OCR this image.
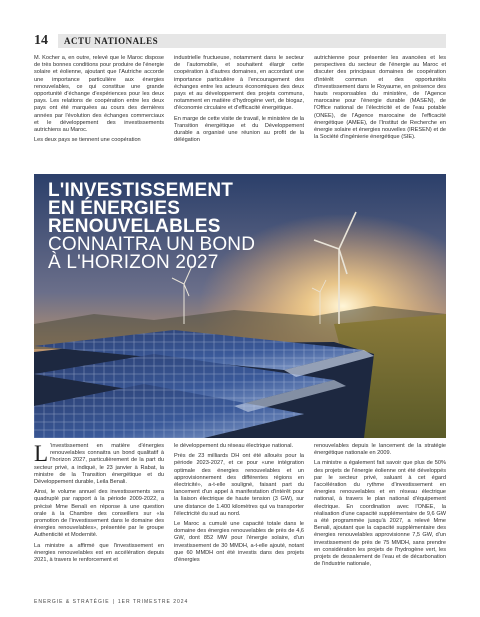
14	ACTU NATIONALES

M. Kocher a, en outre, relevé que le Maroc dispose de très bonnes conditions pour produire de l'énergie solaire et éolienne, ajoutant que l'Autriche accorde une importance particulière aux énergies renouvelables, ce qui constitue une grande opportunité d'échange d'expériences pour les deux pays. Les relations de coopération entre les deux pays ont été marquées au cours des dernières années par l'évolution des échanges commerciaux et le développement des investissements autrichiens au Maroc.

Les deux pays se tiennent une coopération

industrielle fructueuse, notamment dans le secteur de l'automobile, et souhaitent élargir cette coopération à d'autres domaines, en accordant une importance particulière à l'encouragement des échanges entre les acteurs économiques des deux pays et au développement des projets communs, notamment en matière d'hydrogène vert, de biogaz, d'économie circulaire et d'efficacité énergétique.

En marge de cette visite de travail, le ministère de la Transition énergétique et du Développement durable a organisé une réunion au profit de la délégation

autrichienne pour présenter les avancées et les perspectives du secteur de l'énergie au Maroc et discuter des principaux domaines de coopération d'intérêt commun et des opportunités d'investissement dans le Royaume, en présence des hauts responsables du ministère, de l'Agence marocaine pour l'énergie durable (MASEN), de l'Office national de l'électricité et de l'eau potable (ONEE), de l'Agence marocaine de l'efficacité énergétique (AMEE), de l'Institut de Recherche en énergie solaire et énergies nouvelles (IRESEN) et de la Société d'ingénierie énergétique (SIE).

L'INVESTISSEMENT
EN ÉNERGIES
RENOUVELABLES
CONNAITRA UN BOND
À L'HORIZON 2027

L 'investissement en matière d'énergies renouvelables connaitra un bond qualitatif à l'horizon 2027, particulièrement de la part du secteur privé, a indiqué, le 23 janvier à Rabat, la ministre de la Transition énergétique et du Développement durable, Leila Benali.

Ainsi, le volume annuel des investissements sera quadruplé par rapport à la période 2009-2022, a précisé Mme Benali en réponse à une question orale à la Chambre des conseillers sur «la promotion de l'investissement dans le domaine des énergies renouvelables», présentée par le groupe Authenticité et Modernité.

La ministre a affirmé que l'investissement en énergies renouvelables est en accélération depuis 2021, à travers le renforcement et

le développement du réseau électrique national.

Près de 23 milliards DH ont été alloués pour la période 2023-2027, et ce pour «une intégration optimale des énergies renouvelables et un approvisionnement des différentes régions en électricité», a-t-elle souligné, faisant part du lancement d'un appel à manifestation d'intérêt pour la liaison électrique de haute tension (3 GW), sur une distance de 1.400 kilomètres qui va transporter l'électricité du sud au nord.

Le Maroc a cumulé une capacité totale dans le domaine des énergies renouvelables de près de 4,6 GW, dont 852 MW pour l'énergie solaire, d'un investissement de 30 MMDH, a-t-elle ajouté, notant que 60 MMDH ont été investis dans des projets d'énergies

renouvelables depuis le lancement de la stratégie énergétique nationale en 2009.

La ministre a également fait savoir que plus de 50% des projets de l'énergie éolienne ont été développés par le secteur privé, saluant à cet égard l'accélération du rythme d'investissement en énergies renouvelables et en réseau électrique national, à travers le plan national d'équipement électrique. En coordination avec l'ONEE, la réalisation d'une capacité supplémentaire de 9,6 GW a été programmée jusqu'à 2027, a relevé Mme Benali, ajoutant que la capacité supplémentaire des énergies renouvelables approvisionne 7,5 GW, d'un investissement de près de 75 MMDH, sans prendre en considération les projets de l'hydrogène vert, les projets de dessalement de l'eau et de décarbonation de l'industrie nationale,

ENERGIE & STRATÉGIE | 1ER TRIMESTRE 2024
